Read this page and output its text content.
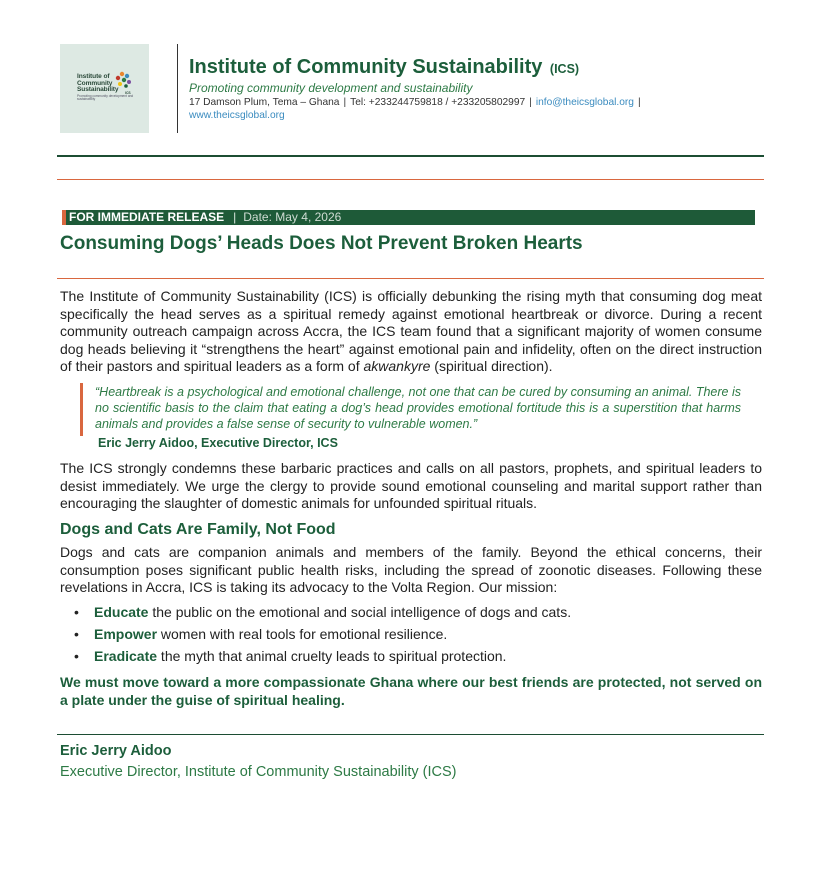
Institute of
Community
Sustainability ICS
Promoting community development and sustainability
Institute of Community Sustainability (ICS)
Promoting community development and sustainability
17 Damson Plum, Tema – Ghana | Tel: +233244759818 / +233205802997 | info@theicsglobal.org |
www.theicsglobal.org
FOR IMMEDIATE RELEASE | Date: May 4, 2026
Consuming Dogs’ Heads Does Not Prevent Broken Hearts

The Institute of Community Sustainability (ICS) is officially debunking the rising myth that consuming dog meat specifically the head serves as a spiritual remedy against emotional heartbreak or divorce. During a recent community outreach campaign across Accra, the ICS team found that a significant majority of women consume dog heads believing it “strengthens the heart” against emotional pain and infidelity, often on the direct instruction of their pastors and spiritual leaders as a form of akwankyre (spiritual direction).

“Heartbreak is a psychological and emotional challenge, not one that can be cured by consuming an animal. There is no scientific basis to the claim that eating a dog’s head provides emotional fortitude this is a superstition that harms animals and provides a false sense of security to vulnerable women.”

Eric Jerry Aidoo, Executive Director, ICS

The ICS strongly condemns these barbaric practices and calls on all pastors, prophets, and spiritual leaders to desist immediately. We urge the clergy to provide sound emotional counseling and marital support rather than encouraging the slaughter of domestic animals for unfounded spiritual rituals.

Dogs and Cats Are Family, Not Food

Dogs and cats are companion animals and members of the family. Beyond the ethical concerns, their consumption poses significant public health risks, including the spread of zoonotic diseases. Following these revelations in Accra, ICS is taking its advocacy to the Volta Region. Our mission:

• Educate the public on the emotional and social intelligence of dogs and cats.
• Empower women with real tools for emotional resilience.
• Eradicate the myth that animal cruelty leads to spiritual protection.

We must move toward a more compassionate Ghana where our best friends are protected, not served on a plate under the guise of spiritual healing.

Eric Jerry Aidoo
Executive Director, Institute of Community Sustainability (ICS)
